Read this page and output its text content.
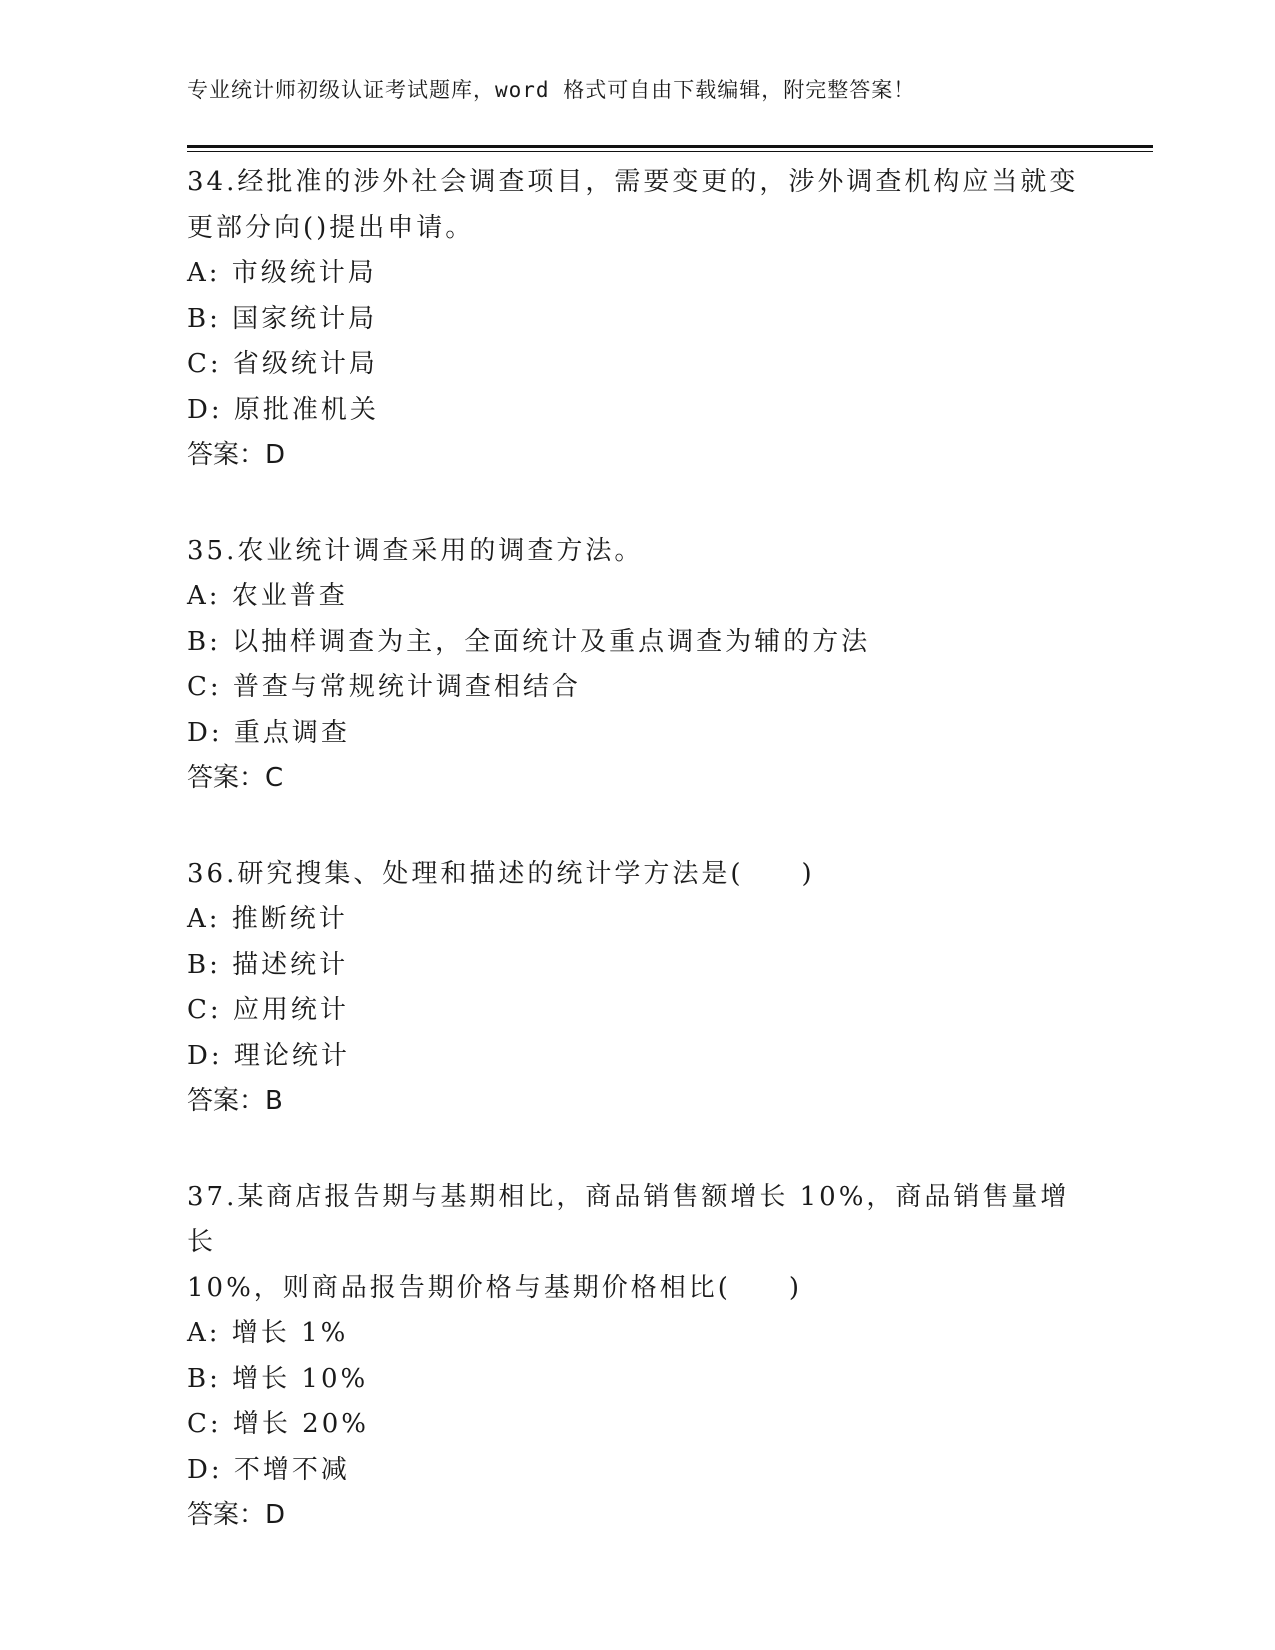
专业统计师初级认证考试题库，word 格式可自由下载编辑，附完整答案！

34.经批准的涉外社会调查项目，需要变更的，涉外调查机构应当就变

更部分向()提出申请。

A: 市级统计局

B: 国家统计局

C: 省级统计局

D: 原批准机关

答案：D

35.农业统计调查采用的调查方法。

A: 农业普查

B: 以抽样调查为主，全面统计及重点调查为辅的方法

C: 普查与常规统计调查相结合

D: 重点调查

答案：C

36.研究搜集、处理和描述的统计学方法是(　　)

A: 推断统计

B: 描述统计

C: 应用统计

D: 理论统计

答案：B

37.某商店报告期与基期相比，商品销售额增长 10%，商品销售量增长

10%，则商品报告期价格与基期价格相比(　　)

A: 增长 1%

B: 增长 10%

C: 增长 20%

D: 不增不减

答案：D
